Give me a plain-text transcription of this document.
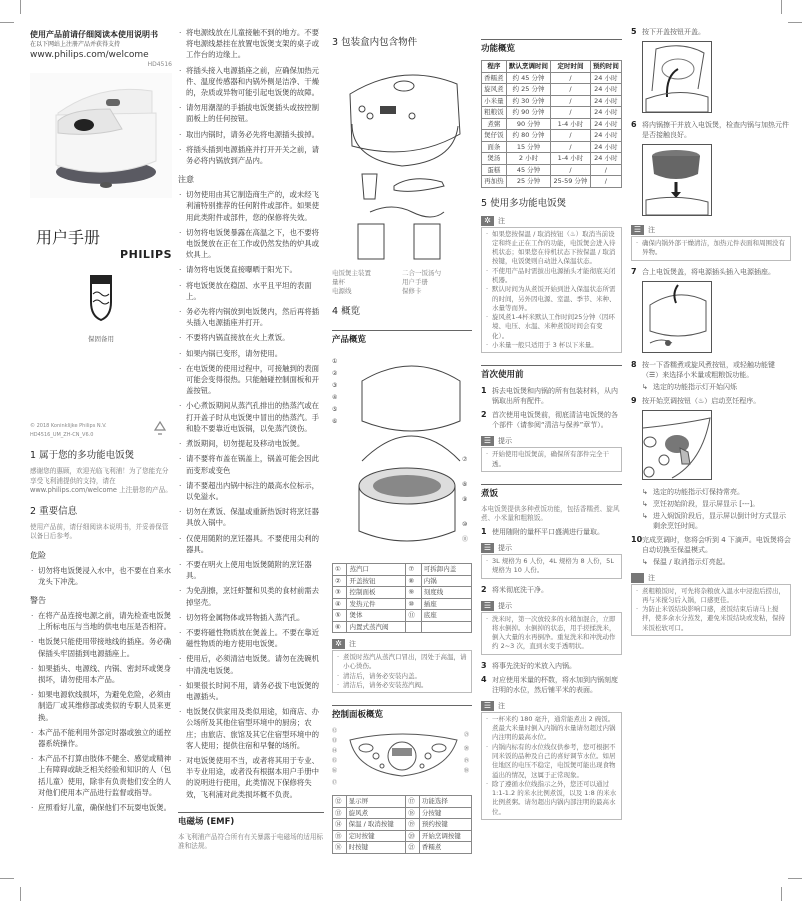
使用产品前请仔细阅读本使用说明书
在以下网站上注册产品并获得支持
www.philips.com/welcome
HD4516
用户手册
PHILIPS
保固备用
© 2018 Koninklijke Philips N.V.
HD4516_UM_ZH-CN_V6.0
1 属于您的多功能电饭煲
感谢您的惠顾，欢迎光临飞利浦！为了您能充分享受飞利浦提供的支持，请在 www.philips.com/welcome 上注册您的产品。
2 重要信息
使用产品前，请仔细阅读本说明书，并妥善保管以备日后参考。
危险
· 切勿将电饭煲浸入水中，也不要在自来水龙头下冲洗。
警告
· 在将产品连接电源之前，请先检查电饭煲上所标电压与当地的供电电压是否相符。
· 电饭煲只能使用带接地线的插座。务必确保插头牢固插到电源插座上。
· 如果插头、电源线、内锅、密封环或煲身损坏，请勿使用本产品。
· 如果电源软线损坏，为避免危险，必须由制造厂或其维修部或类似的专职人员来更换。
· 本产品不能利用外部定时器或独立的遥控器系统操作。
· 本产品不打算由肢体不健全、感觉或精神上有障碍或缺乏相关经验和知识的人（包括儿童）使用，除非有负责他们安全的人对他们使用本产品进行监督或指导。
· 应照看好儿童，确保他们不玩耍电饭煲。
· 将电源线放在儿童接触不到的地方。不要将电源线悬挂在放置电饭煲支架的桌子或工作台的边缘上。
· 将插头接入电源插座之前，应确保加热元件、温度传感器和内锅外侧是洁净、干燥的，杂质或异物可能引起电饭煲的故障。
· 请勿用潮湿的手插拔电饭煲插头或按控制面板上的任何按钮。
· 取出内锅时，请务必先将电源插头拔掉。
· 将插头插到电源插座并打开开关之前，请务必将内锅放到产品内。
注意
· 切勿使用由其它制造商生产的，或未经飞利浦特别推荐的任何附件或部件。如果使用此类附件或部件，您的保修将失效。
· 切勿将电饭煲暴露在高温之下，也不要将电饭煲放在正在工作或仍然发热的炉具或炊具上。
· 请勿将电饭煲直接曝晒于阳光下。
· 将电饭煲放在稳固、水平且平坦的表面上。
· 务必先将内锅放到电饭煲内，然后再将插头插入电源插座并打开。
· 不要将内锅直接放在火上煮饭。
· 如果内锅已变形，请勿使用。
· 在电饭煲的使用过程中，可接触到的表面可能会变得很热。只能触碰控制面板和开盖按钮。
· 小心煮饭期间从蒸汽孔排出的热蒸汽或在打开盖子时从电饭煲中冒出的热蒸汽。手和脸不要靠近电饭锅，以免蒸汽烫伤。
· 煮饭期间，切勿提起及移动电饭煲。
· 请不要将布盖在锅盖上，锅盖可能会因此而变形或变色
· 请不要超出内锅中标注的最高水位标示，以免溢水。
· 切勿在煮饭、保温或重新热饭时将烹饪器具放入锅中。
· 仅使用随附的烹饪器具。不要使用尖利的器具。
· 不要在明火上使用电饭煲随附的烹饪器具。
· 为免刮擦，烹饪虾蟹和贝类的食材前需去掉坚壳。
· 切勿将金属物体或异物插入蒸汽孔。
· 不要将磁性物质放在煲盖上。不要在靠近磁性物质的地方使用电饭煲。
· 使用后，必须清洁电饭煲。请勿在洗碗机中清洗电饭煲。
· 如果很长时间不用，请务必拔下电饭煲的电源插头。
· 电饭煲仅供家用及类似用途，如商店、办公场所及其他住宿型环境中的厨房；农庄；由旅店、旅馆及其它住宿型环境中的客人使用；提供住宿和早餐的场所。
· 对电饭煲使用不当，或者将其用于专业、半专业用途，或者没有根据本用户手册中的说明进行使用，此类情况下保修将失效，飞利浦对此类损坏概不负责。
电磁场 (EMF)
本飞利浦产品符合所有有关暴露于电磁场的适用标准和法规。
3 包装盒内包含物件
电饭煲主装置	二合一饭汤勺
量杯	用户手册
电源线	保修卡
4 概览
产品概览
①
②
③
④
⑤
⑥
⑦
⑧
⑨
⑩
⑪
①	蒸汽口	⑦	可拆卸内盖
②	开盖按钮	⑧	内锅
③	控制面板	⑨	刻度线
④	发热元件	⑩	插座
⑤	煲体	⑪	底座
⑥	内置式蒸汽阀		
✲	注
· 煮饭时蒸汽从蒸汽口冒出，因处于高温，请小心烫伤。
· 清洁后，请务必安装内盖。
· 清洁后，请务必安装蒸汽阀。
控制面板概览
⑫
⑬
⑭
⑮
⑯
⑰
㉑
⑳
⑲
⑱
⑫	显示屏	⑰	功能选择
⑬	旋风煮	⑱	分按键
⑭	保温 / 取消按键	⑲	预约按键
⑮	定时按键	⑳	开始烹调按键
⑯	时按键	㉑	香糯煮
功能概览
程序	默认烹调时间	定时时间	预约时间
香糯煮	约 45 分钟	/	24 小时
旋风煮	约 25 分钟	/	24 小时
小米量	约 30 分钟	/	24 小时
粗粮饭	约 90 分钟	/	24 小时
煮粥	90 分钟	1-4 小时	24 小时
煲仔饭	约 80 分钟	/	24 小时
面条	15 分钟	/	24 小时
煲汤	2 小时	1-4 小时	24 小时
蛋糕	45 分钟	/	/
再加热	25 分钟	25-59 分钟	/
5 使用多功能电饭煲
✲	注
· 如果您按保温 / 取消按钮（♨）取消当前设定和终止正在工作的功能，电饭煲会进入待机状态；如果您在待机状态下按保温 / 取消按键，电饭煲则自动进入保温状态。
· 不使用产品时需拔出电源插头才能彻底关闭机器。
· 默认时间为从煮饭开始到进入保温状态所需的时间，另外因电源、室温、季节、米种、水量等而异。
· 旋风煮1-4杯米默认工作时间25分钟（因环境、电压、水温、米种煮饭时间会有变化）。
· 小米量一般只适用于 3 杯以下米量。
首次使用前
1 拆去电饭煲和内锅的所有包装材料，从内锅取出所有配件。
2 首次使用电饭煲前，彻底清洁电饭煲的各个部件（请参阅“清洁与保养”章节）。
☰ 提示
· 开始使用电饭煲前，确保所有部件完全干透。
煮饭
本电饭煲提供多种煮饭功能，包括香糯煮、旋风煮、小米量和粗粮饭。
1 使用随附的量杯平口盛满进行量取。
☰ 提示
· 3L 规格为 6 人份，4L 规格为 8 人份，5L 规格为 10 人份。
2 将米彻底洗干净。
☰ 提示
· 洗米时，第一次放较多的水稍加混合，立即将水倒掉。水倒掉的状态，用手搓揉洗米，倒入大量的水再倒净。重复洗米和冲洗动作约 2~3 次，直到水变手透明状。
3 将事先洗好的米放入内锅。
4 对应使用米量的杯数，将水加到内锅刻度注明的水位，然后铺平米的表面。
☰ 注
· 一杯米约 180 毫升，通常能煮出 2 碗饭。煮最大米量时倒入内锅的水量请勿超过内锅内注明的最高水位。
· 内锅内标有的水位线仅供参考，您可根据不同米饭的品种及自己的喜好调节水位。如居住地区的电压不稳定，电饭煲可能出现食物溢出的情况，这属于正常现象。
· 除了遵循水位线指示之外，您还可以通过 1:1-1.2 的米水比例煮饭，以及 1:8 的米水比例煮粥。请勿超出内锅内部注明的最高水位。
5 按下开盖按钮开盖。
6 将内锅擦干并放入电饭煲，检查内锅与加热元件是否接触良好。
☰ 注
· 确保内锅外部干燥清洁，加热元件表面和周围没有异物。
7 合上电饭煲盖，将电源插头插入电源插座。
8 按一下香糯煮或旋风煮按钮，或轻触功能键（☰）来选择小米量或粗粮饭功能。
↳ 选定的功能指示灯开始闪烁
9 按开始烹调按钮（♨）启动烹饪程序。
↳ 选定的功能指示灯保持常亮。
↳ 烹饪初始阶段，显示屏显示 [---]。
↳ 进入焖饭阶段后，显示屏以倒计时方式显示剩余烹饪时间。
10 完成烹调时，您将会听到 4 下滴声。电饭煲将会自动切换至保温模式。
↳ 保温 / 取消指示灯亮起。
注
· 煮粗粮饭时，可先将杂粮放入温水中浸泡后捞出，再与米搅匀后入锅，口感更佳。
· 为防止米饭结块影响口感，煮饭结束后请马上搅拌，使多余水分蒸发，避免米饭结块或发粘，保持米饭松软可口。
